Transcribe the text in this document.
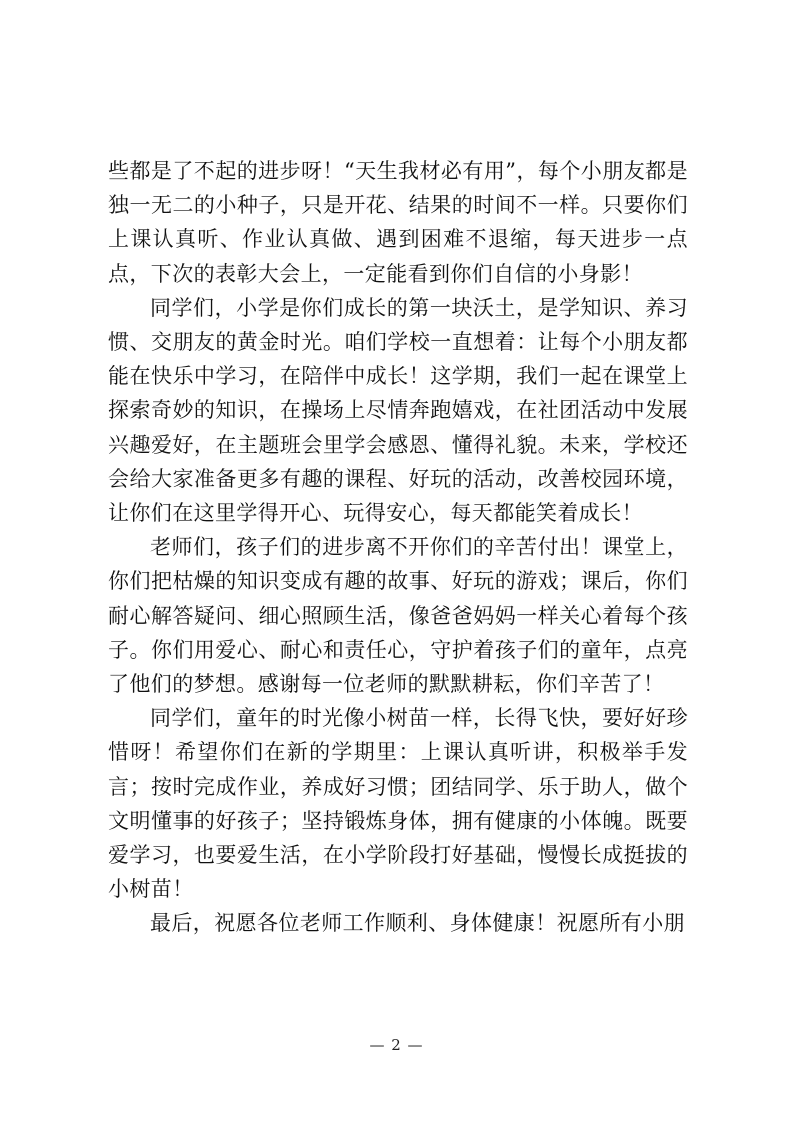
些都是了不起的进步呀！“天生我材必有用”，每个小朋友都是独一无二的小种子，只是开花、结果的时间不一样。只要你们上课认真听、作业认真做、遇到困难不退缩，每天进步一点点，下次的表彰大会上，一定能看到你们自信的小身影！

同学们，小学是你们成长的第一块沃土，是学知识、养习惯、交朋友的黄金时光。咱们学校一直想着：让每个小朋友都能在快乐中学习，在陪伴中成长！这学期，我们一起在课堂上探索奇妙的知识，在操场上尽情奔跑嬉戏，在社团活动中发展兴趣爱好，在主题班会里学会感恩、懂得礼貌。未来，学校还会给大家准备更多有趣的课程、好玩的活动，改善校园环境，让你们在这里学得开心、玩得安心，每天都能笑着成长！

老师们，孩子们的进步离不开你们的辛苦付出！课堂上，你们把枯燥的知识变成有趣的故事、好玩的游戏；课后，你们耐心解答疑问、细心照顾生活，像爸爸妈妈一样关心着每个孩子。你们用爱心、耐心和责任心，守护着孩子们的童年，点亮了他们的梦想。感谢每一位老师的默默耕耘，你们辛苦了！

同学们，童年的时光像小树苗一样，长得飞快，要好好珍惜呀！希望你们在新的学期里：上课认真听讲，积极举手发言；按时完成作业，养成好习惯；团结同学、乐于助人，做个文明懂事的好孩子；坚持锻炼身体，拥有健康的小体魄。既要爱学习，也要爱生活，在小学阶段打好基础，慢慢长成挺拔的小树苗！

最后，祝愿各位老师工作顺利、身体健康！祝愿所有小朋

— 2 —
